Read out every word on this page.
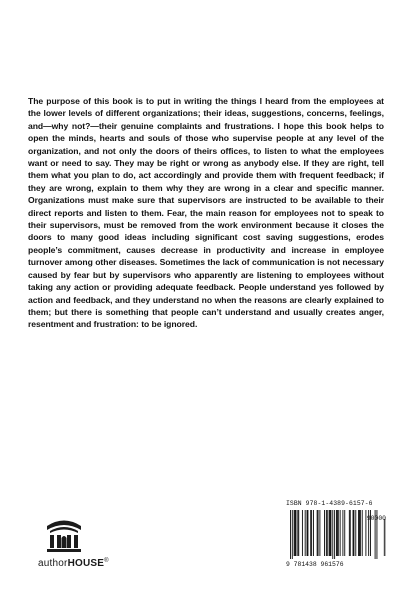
The purpose of this book is to put in writing the things I heard from the employees at the lower levels of different organizations; their ideas, suggestions, concerns, feelings, and—why not?—their genuine complaints and frustrations. I hope this book helps to open the minds, hearts and souls of those who supervise people at any level of the organization, and not only the doors of theirs offices, to listen to what the employees want or need to say. They may be right or wrong as anybody else. If they are right, tell them what you plan to do, act accordingly and provide them with frequent feedback; if they are wrong, explain to them why they are wrong in a clear and specific manner. Organizations must make sure that supervisors are instructed to be available to their direct reports and listen to them. Fear, the main reason for employees not to speak to their supervisors, must be removed from the work environment because it closes the doors to many good ideas including significant cost saving suggestions, erodes people’s commitment, causes decrease in productivity and increase in employee turnover among other diseases. Sometimes the lack of communication is not necessary caused by fear but by supervisors who apparently are listening to employees without taking any action or providing adequate feedback. People understand yes followed by action and feedback, and they understand no when the reasons are clearly explained to them; but there is something that people can’t understand and usually creates anger, resentment and frustration: to be ignored.

authorHOUSE®
ISBN 978-1-4389-6157-6
90000
9 781438 961576
